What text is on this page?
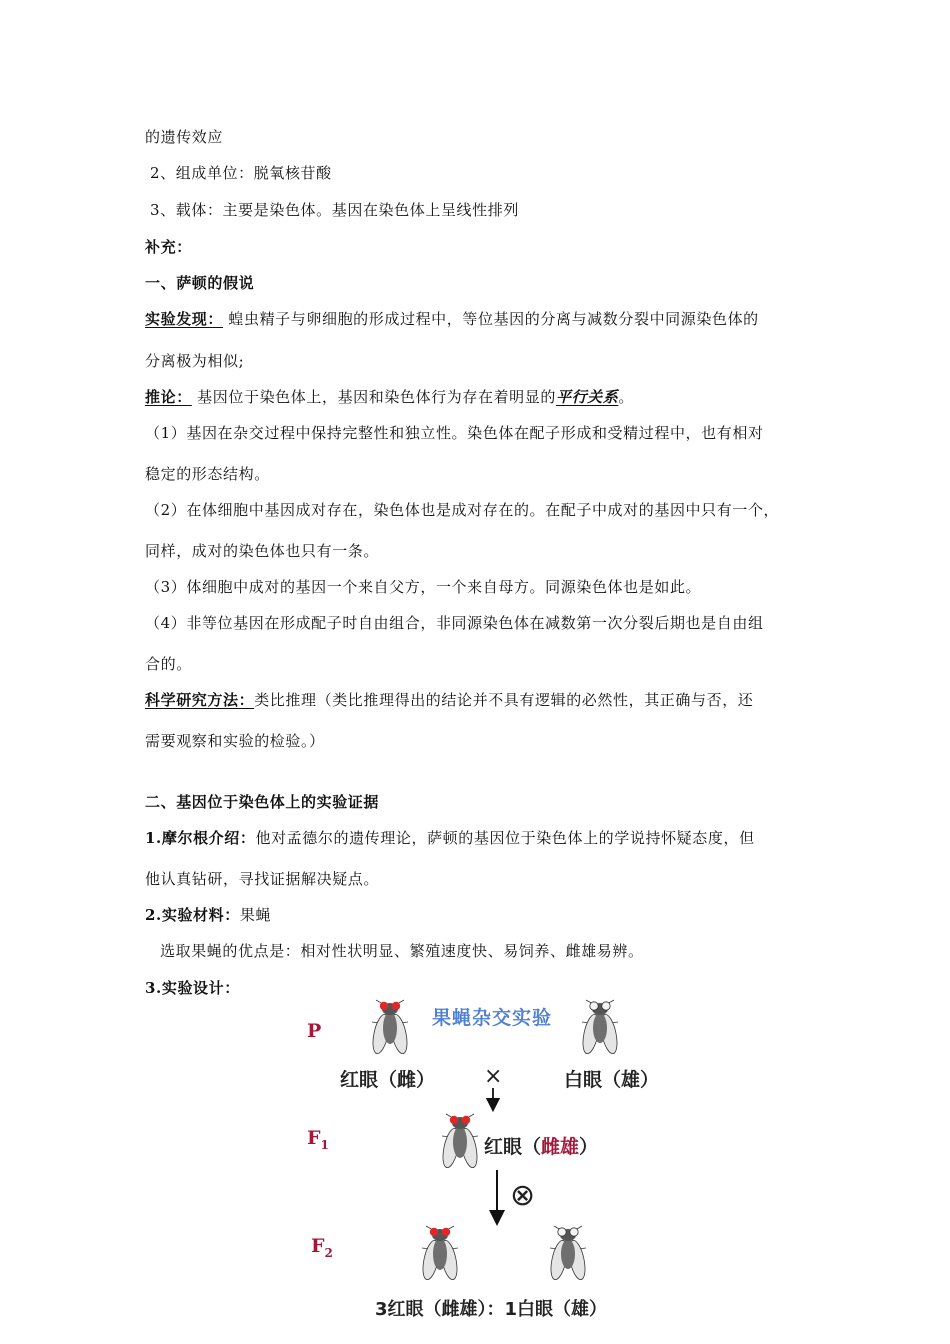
的遗传效应
2、组成单位：脱氧核苷酸
3、载体：主要是染色体。基因在染色体上呈线性排列
补充：
一、萨顿的假说
实验发现： 蝗虫精子与卵细胞的形成过程中，等位基因的分离与减数分裂中同源染色体的
分离极为相似;
推论： 基因位于染色体上，基因和染色体行为存在着明显的平行关系。
（1）基因在杂交过程中保持完整性和独立性。染色体在配子形成和受精过程中，也有相对
稳定的形态结构。
（2）在体细胞中基因成对存在，染色体也是成对存在的。在配子中成对的基因中只有一个，
同样，成对的染色体也只有一条。
（3）体细胞中成对的基因一个来自父方，一个来自母方。同源染色体也是如此。
（4）非等位基因在形成配子时自由组合，非同源染色体在减数第一次分裂后期也是自由组
合的。
科学研究方法：类比推理（类比推理得出的结论并不具有逻辑的必然性，其正确与否，还
需要观察和实验的检验。）
二、基因位于染色体上的实验证据
1.摩尔根介绍：他对孟德尔的遗传理论，萨顿的基因位于染色体上的学说持怀疑态度，但
他认真钻研，寻找证据解决疑点。
2.实验材料：果蝇
选取果蝇的优点是：相对性状明显、繁殖速度快、易饲养、雌雄易辨。
3.实验设计：
果蝇杂交实验
P
$F_1$
$F_2$
红眼（雌） ×	白眼（雄）
红眼（雌雄）
⊗
3红眼（雌雄）：1白眼（雄）
